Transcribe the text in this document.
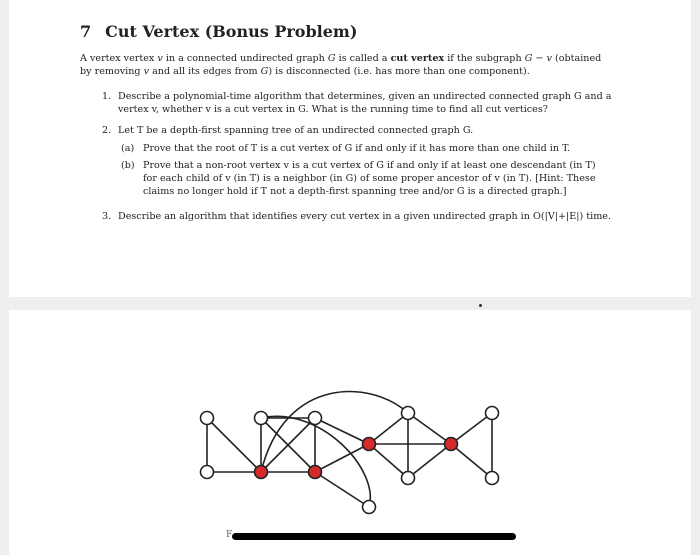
7 Cut Vertex (Bonus Problem)
A vertex vertex v in a connected undirected graph G is called a cut vertex if the subgraph G − v (obtained
by removing v and all its edges from G) is disconnected (i.e. has more than one component).
1. Describe a polynomial-time algorithm that determines, given an undirected connected graph G and a
vertex v, whether v is a cut vertex in G. What is the running time to find all cut vertices?
2. Let T be a depth-first spanning tree of an undirected connected graph G.
(a) Prove that the root of T is a cut vertex of G if and only if it has more than one child in T.
(b) Prove that a non-root vertex v is a cut vertex of G if and only if at least one descendant (in T)
for each child of v (in T) is a neighbor (in G) of some proper ancestor of v (in T). [Hint: These
claims no longer hold if T not a depth-first spanning tree and/or G is a directed graph.]
3. Describe an algorithm that identifies every cut vertex in a given undirected graph in O(|V|+|E|) time.
F
